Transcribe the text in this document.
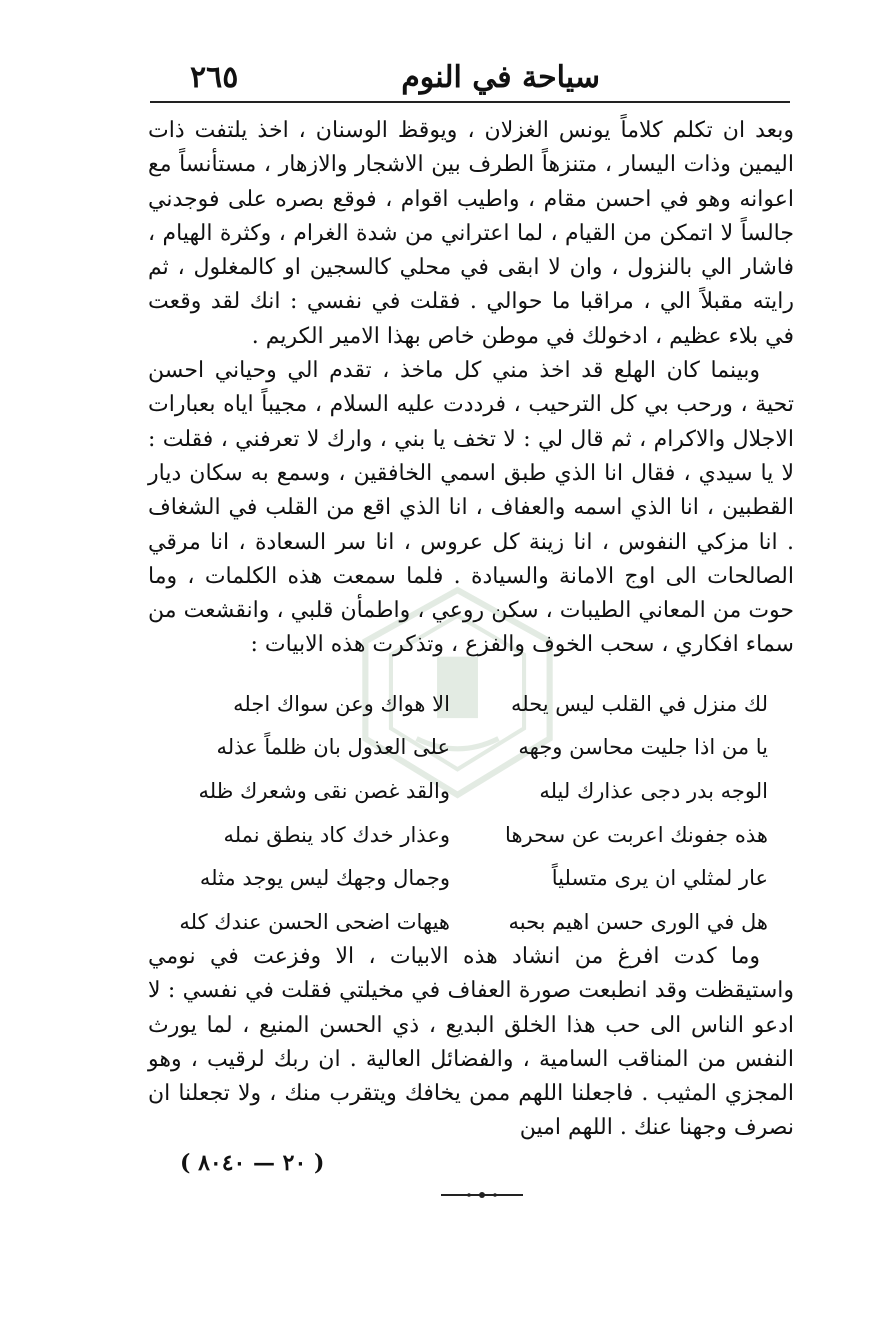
سياحة في النوم
٢٦٥

وبعد ان تكلم كلاماً يونس الغزلان ، ويوقظ الوسنان ، اخذ يلتفت ذات اليمين وذات اليسار ، متنزهاً الطرف بين الاشجار والازهار ، مستأنساً مع اعوانه وهو في احسن مقام ، واطيب اقوام ، فوقع بصره على فوجدني جالساً لا اتمكن من القيام ، لما اعتراني من شدة الغرام ، وكثرة الهيام ، فاشار الي بالنزول ، وان لا ابقى في محلي كالسجين او كالمغلول ، ثم رايته مقبلاً الي ، مراقبا ما حوالي . فقلت في نفسي : انك لقد وقعت في بلاء عظيم ، ادخولك في موطن خاص بهذا الامير الكريم .

وبينما كان الهلع قد اخذ مني كل ماخذ ، تقدم الي وحياني احسن تحية ، ورحب بي كل الترحيب ، فرددت عليه السلام ، مجيباً اياه بعبارات الاجلال والاكرام ، ثم قال لي : لا تخف يا بني ، وارك لا تعرفني ، فقلت : لا يا سيدي ، فقال انا الذي طبق اسمي الخافقين ، وسمع به سكان ديار القطبين ، انا الذي اسمه والعفاف ، انا الذي اقع من القلب في الشغاف . انا مزكي النفوس ، انا زينة كل عروس ، انا سر السعادة ، انا مرقي الصالحات الى اوج الامانة والسيادة . فلما سمعت هذه الكلمات ، وما حوت من المعاني الطيبات ، سكن روعي ، واطمأن قلبي ، وانقشعت من سماء افكاري ، سحب الخوف والفزع ، وتذكرت هذه الابيات :

لك منزل في القلب ليس يحله
الا هواك وعن سواك اجله
يا من اذا جليت محاسن وجهه
على العذول بان ظلماً عذله
الوجه بدر دجى عذارك ليله
والقد غصن نقى وشعرك ظله
هذه جفونك اعربت عن سحرها
وعذار خدك كاد ينطق نمله
عار لمثلي ان يرى متسلياً
وجمال وجهك ليس يوجد مثله
هل في الورى حسن اهيم بحبه
هيهات اضحى الحسن عندك كله

وما كدت افرغ من انشاد هذه الابيات ، الا وفزعت في نومي واستيقظت وقد انطبعت صورة العفاف في مخيلتي فقلت في نفسي : لا ادعو الناس الى حب هذا الخلق البديع ، ذي الحسن المنيع ، لما يورث النفس من المناقب السامية ، والفضائل العالية . ان ربك لرقيب ، وهو المجزي المثيب . فاجعلنا اللهم ممن يخافك ويتقرب منك ، ولا تجعلنا ان نصرف وجهنا عنك . اللهم امين

( ٢٠ — ٨٠٤٠ )
